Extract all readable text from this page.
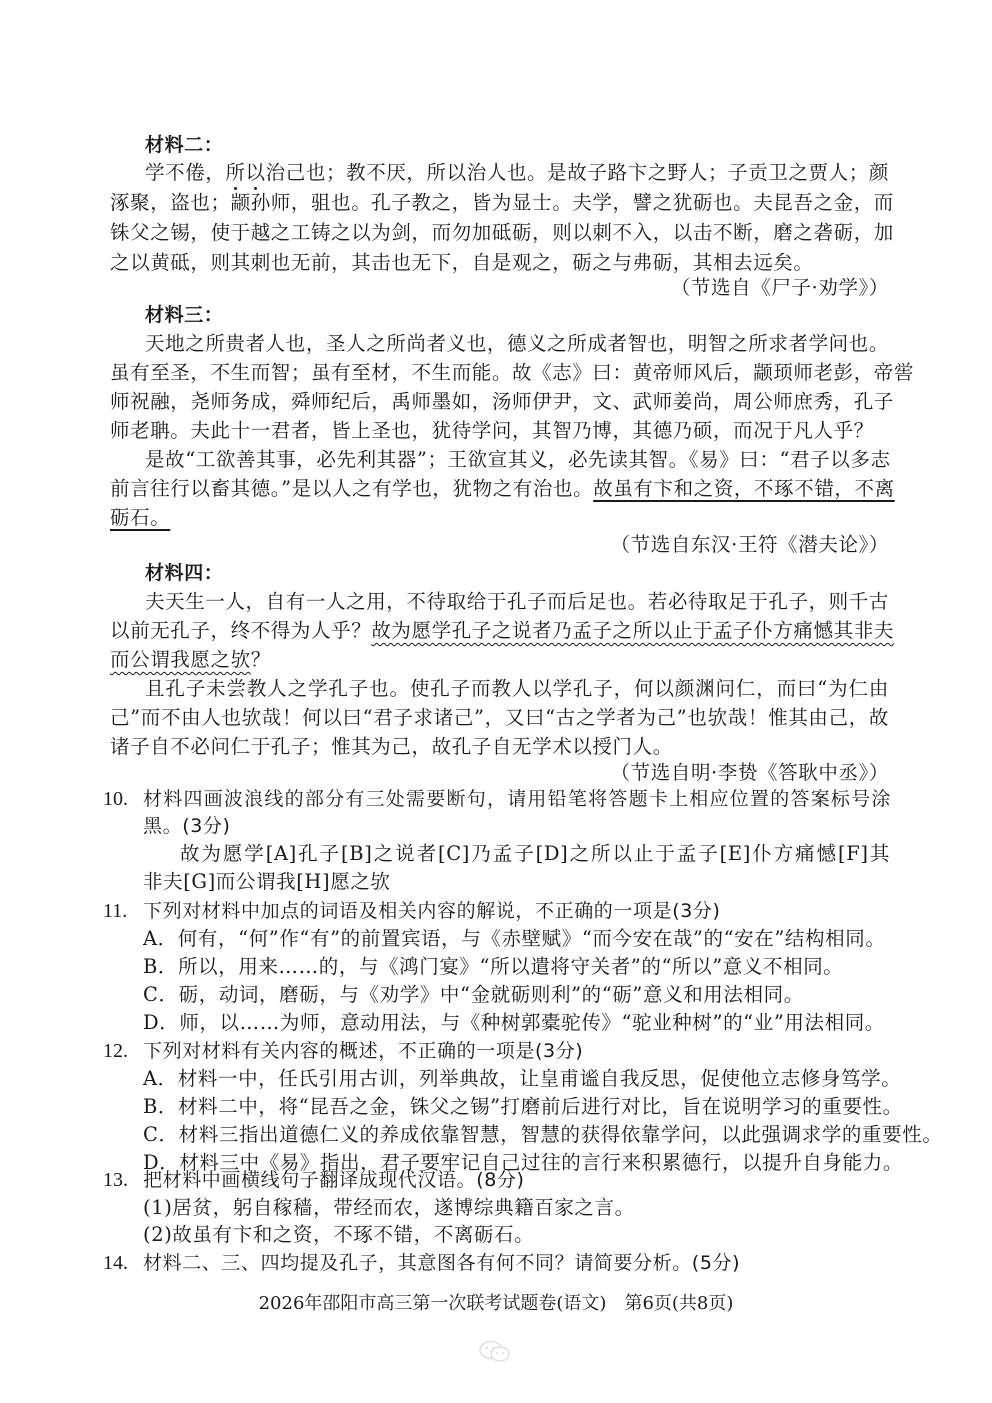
材料二：
学不倦，所以治己也；教不厌，所以治人也。是故子路卞之野人；子贡卫之贾人；颜
涿聚，盗也；颛孙师，驵也。孔子教之，皆为显士。夫学，譬之犹砺也。夫昆吾之金，而
铢父之锡，使于越之工铸之以为剑，而勿加砥砺，则以刺不入，以击不断，磨之砻砺，加
之以黄砥，则其刺也无前，其击也无下，自是观之，砺之与弗砺，其相去远矣。
（节选自《尸子·劝学》）
材料三：
天地之所贵者人也，圣人之所尚者义也，德义之所成者智也，明智之所求者学问也。
虽有至圣，不生而智；虽有至材，不生而能。故《志》曰：黄帝师风后，颛顼师老彭，帝喾
师祝融，尧师务成，舜师纪后，禹师墨如，汤师伊尹，文、武师姜尚，周公师庶秀，孔子
师老聃。夫此十一君者，皆上圣也，犹待学问，其智乃博，其德乃硕，而况于凡人乎？
是故“工欲善其事，必先利其器”；王欲宣其义，必先读其智。《易》曰：“君子以多志
前言往行以畜其德。”是以人之有学也，犹物之有治也。故虽有卞和之资，不琢不错，不离
砺石。
（节选自东汉·王符《潜夫论》）
材料四：
夫天生一人，自有一人之用，不待取给于孔子而后足也。若必待取足于孔子，则千古
以前无孔子，终不得为人乎？故为愿学孔子之说者乃孟子之所以止于孟子仆方痛憾其非夫
而公谓我愿之欤？
且孔子未尝教人之学孔子也。使孔子而教人以学孔子，何以颜渊问仁，而曰“为仁由
己”而不由人也欤哉！何以曰“君子求诸己”，又曰“古之学者为己”也欤哉！惟其由己，故
诸子自不必问仁于孔子；惟其为己，故孔子自无学术以授门人。
（节选自明·李贽《答耿中丞》）
10. 材料四画波浪线的部分有三处需要断句，请用铅笔将答题卡上相应位置的答案标号涂
黑。(3分)
故为愿学[A]孔子[B]之说者[C]乃孟子[D]之所以止于孟子[E]仆方痛憾[F]其
非夫[G]而公谓我[H]愿之欤
11. 下列对材料中加点的词语及相关内容的解说，不正确的一项是(3分)
A．何有，“何”作“有”的前置宾语，与《赤壁赋》“而今安在哉”的“安在”结构相同。
B．所以，用来……的，与《鸿门宴》“所以遣将守关者”的“所以”意义不相同。
C．砺，动词，磨砺，与《劝学》中“金就砺则利”的“砺”意义和用法相同。
D．师，以……为师，意动用法，与《种树郭橐驼传》“驼业种树”的“业”用法相同。
12. 下列对材料有关内容的概述，不正确的一项是(3分)
A．材料一中，任氏引用古训，列举典故，让皇甫谧自我反思，促使他立志修身笃学。
B．材料二中，将“昆吾之金，铢父之锡”打磨前后进行对比，旨在说明学习的重要性。
C．材料三指出道德仁义的养成依靠智慧，智慧的获得依靠学问，以此强调求学的重要性。
D．材料三中《易》指出，君子要牢记自己过往的言行来积累德行，以提升自身能力。
13. 把材料中画横线句子翻译成现代汉语。(8分)
(1)居贫，躬自稼穑，带经而农，遂博综典籍百家之言。
(2)故虽有卞和之资，不琢不错，不离砺石。
14. 材料二、三、四均提及孔子，其意图各有何不同？请简要分析。(5分)
2026年邵阳市高三第一次联考试题卷(语文)　第6页(共8页)
